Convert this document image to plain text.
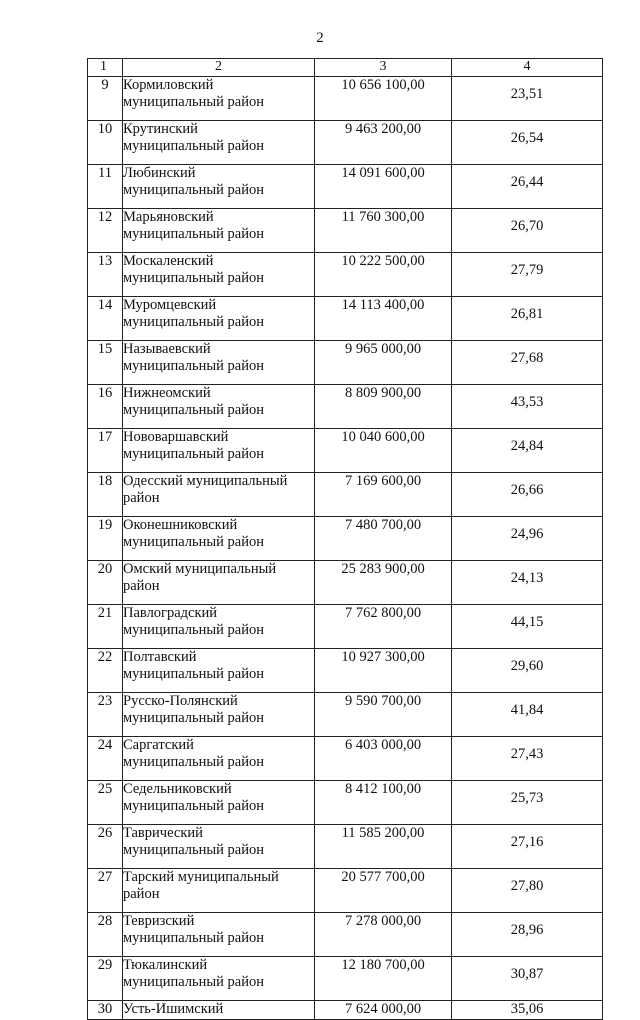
2
1	2	3	4
9	Кормиловский
муниципальный район	10 656 100,00	23,51
10	Крутинский
муниципальный район	9 463 200,00	26,54
11	Любинский
муниципальный район	14 091 600,00	26,44
12	Марьяновский
муниципальный район	11 760 300,00	26,70
13	Москаленский
муниципальный район	10 222 500,00	27,79
14	Муромцевский
муниципальный район	14 113 400,00	26,81
15	Называевский
муниципальный район	9 965 000,00	27,68
16	Нижнеомский
муниципальный район	8 809 900,00	43,53
17	Нововаршавский
муниципальный район	10 040 600,00	24,84
18	Одесский муниципальный
район	7 169 600,00	26,66
19	Оконешниковский
муниципальный район	7 480 700,00	24,96
20	Омский муниципальный
район	25 283 900,00	24,13
21	Павлоградский
муниципальный район	7 762 800,00	44,15
22	Полтавский
муниципальный район	10 927 300,00	29,60
23	Русско-Полянский
муниципальный район	9 590 700,00	41,84
24	Саргатский
муниципальный район	6 403 000,00	27,43
25	Седельниковский
муниципальный район	8 412 100,00	25,73
26	Таврический
муниципальный район	11 585 200,00	27,16
27	Тарский муниципальный
район	20 577 700,00	27,80
28	Тевризский
муниципальный район	7 278 000,00	28,96
29	Тюкалинский
муниципальный район	12 180 700,00	30,87
30	Усть-Ишимский	7 624 000,00	35,06
